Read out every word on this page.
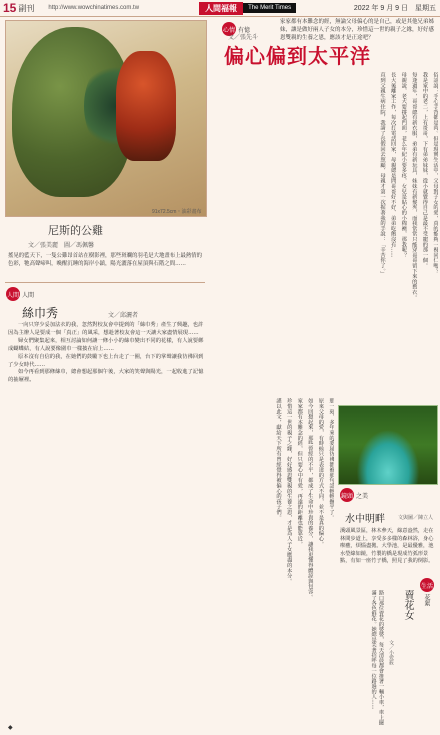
15 副刊 http://www.wowchinatimes.com.tw	人間福報	The Merit Times	2022 年 9 月 9 日　星期五
91x72.5cm・油彩畫布
尼斯的公雞
文／張美麗　圖／馮佩馨
搖晃的藍天下，一隻公雞昂首站在樹影裡，那些斑斕的羽毛是大地畫布上最熱情的色彩，牠高聲啼叫，喚醒沉睡的海岸小鎮，陽光灑落在屋頂與石階之間……
人間 人間
絲巾秀	文／邱灑者

一向只穿少妥加法衣的我，忽然對校友會中提到的「絲巾秀」產生了興趣，也許因為主辦人是要成一個「真正」的風采，想趁著校友會這一天讓大家盡情展現……

婦女們聚集起來，相互討論如何讓一條小小的絲巾變出不同的花樣，有人說要綁成蝴蝶結，有人說要像圍巾一樣披在肩上……

原本沒有自信的我，在她們的鼓勵下也上台走了一圈，台下的掌聲讓我彷彿回到了少女時代……

如今再看到那條絲巾，總會想起那個午後，大家的笑聲與陽光，一起收進了記憶的抽屜裡。

◆
心情 有憶
文／張先斗
家家都有本難念的經，無論父母偏心的是自己，或是其他兄弟姊妹，讓是做好兩人子女的本分，珍惜這一世的親子之緣，好好感恩雙親的生養之恩，應該才是正途吧？
偏心偏到太平洋
俗話說：手心手背都是肉。但是現實生活中，父母對子女的愛，真的能夠一視同仁嗎？
我是家中的老二，上有哥哥，下有弟弟妹妹，從小就覺得自己是最不受寵的那一個。
每逢過年，哥哥總有新衣服，弟弟有新玩具，妹妹有新髮夾，而我常常只能穿哥哥留下來的舊衣。
母親說，老大要撐起門面，老么年紀小要多疼，女兒是貼心的小棉襖，那我呢？
長大後離家工作，每次打電話回家，母親總是問哥哥好不好、弟弟吃飽沒有……
直到父親生病住院，我請了長假回去照顧，母親才第一次握著我的手說：「辛苦你了。」
那一刻，多年來的委屈彷彿都被那句話輕輕撫平了。
原來父母的愛，有時候只是表達的方式不同，並不是真的偏心。
如今回想起來，那些曾經的不平，都成了生命中珍貴的養分，讓我更懂得體諒與包容。
家家都有本難念的經，但只要心中有愛，再遠的距離也能靠近。
珍惜這一世的親子之緣，好好感恩雙親的生養之恩，才是為人子女應盡的本分。
謹以此文，獻給天下所有曾經覺得被偏心的孩子們。	鏡頭 之美
水中明畔	文與圖／陳立人
溪頭風景區，林木參天，綠意盎然，走在林間步道上，享受多多樣的森林浴，身心療癒，煩惱盡拋。大學池，是最優雅，池水瑩綠如鏡，竹製的橋是現成竹弧形景點，有如一座竹子橋，照見了我的倒影。
生活
花絮
賣花女
文／小愛筱
路口那位賣花的婆婆，每天清晨都會推著一輛小車，車上擺滿了各色鮮花。她總是笑著招呼每一位路過的人……
